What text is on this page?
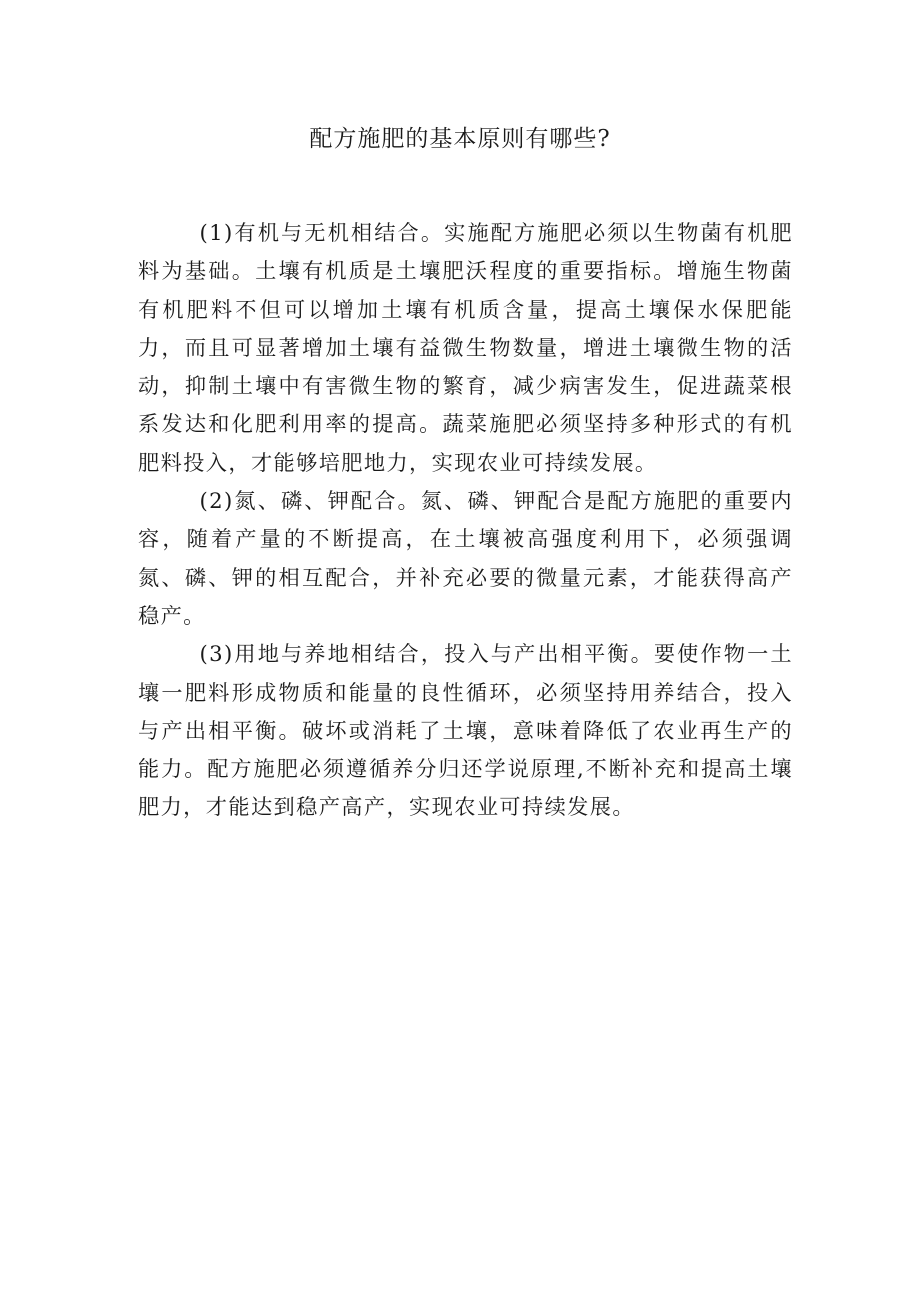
配方施肥的基本原则有哪些?

(1)有机与无机相结合。实施配方施肥必须以生物菌有机肥料为基础。土壤有机质是土壤肥沃程度的重要指标。增施生物菌有机肥料不但可以增加土壤有机质含量，提高土壤保水保肥能力，而且可显著增加土壤有益微生物数量，增进土壤微生物的活动，抑制土壤中有害微生物的繁育，减少病害发生，促进蔬菜根系发达和化肥利用率的提高。蔬菜施肥必须坚持多种形式的有机肥料投入，才能够培肥地力，实现农业可持续发展。

(2)氮、磷、钾配合。氮、磷、钾配合是配方施肥的重要内容，随着产量的不断提高，在土壤被高强度利用下，必须强调氮、磷、钾的相互配合，并补充必要的微量元素，才能获得高产稳产。

(3)用地与养地相结合，投入与产出相平衡。要使作物一土壤一肥料形成物质和能量的良性循环，必须坚持用养结合，投入与产出相平衡。破坏或消耗了土壤，意味着降低了农业再生产的能力。配方施肥必须遵循养分归还学说原理,不断补充和提高土壤肥力，才能达到稳产高产，实现农业可持续发展。
